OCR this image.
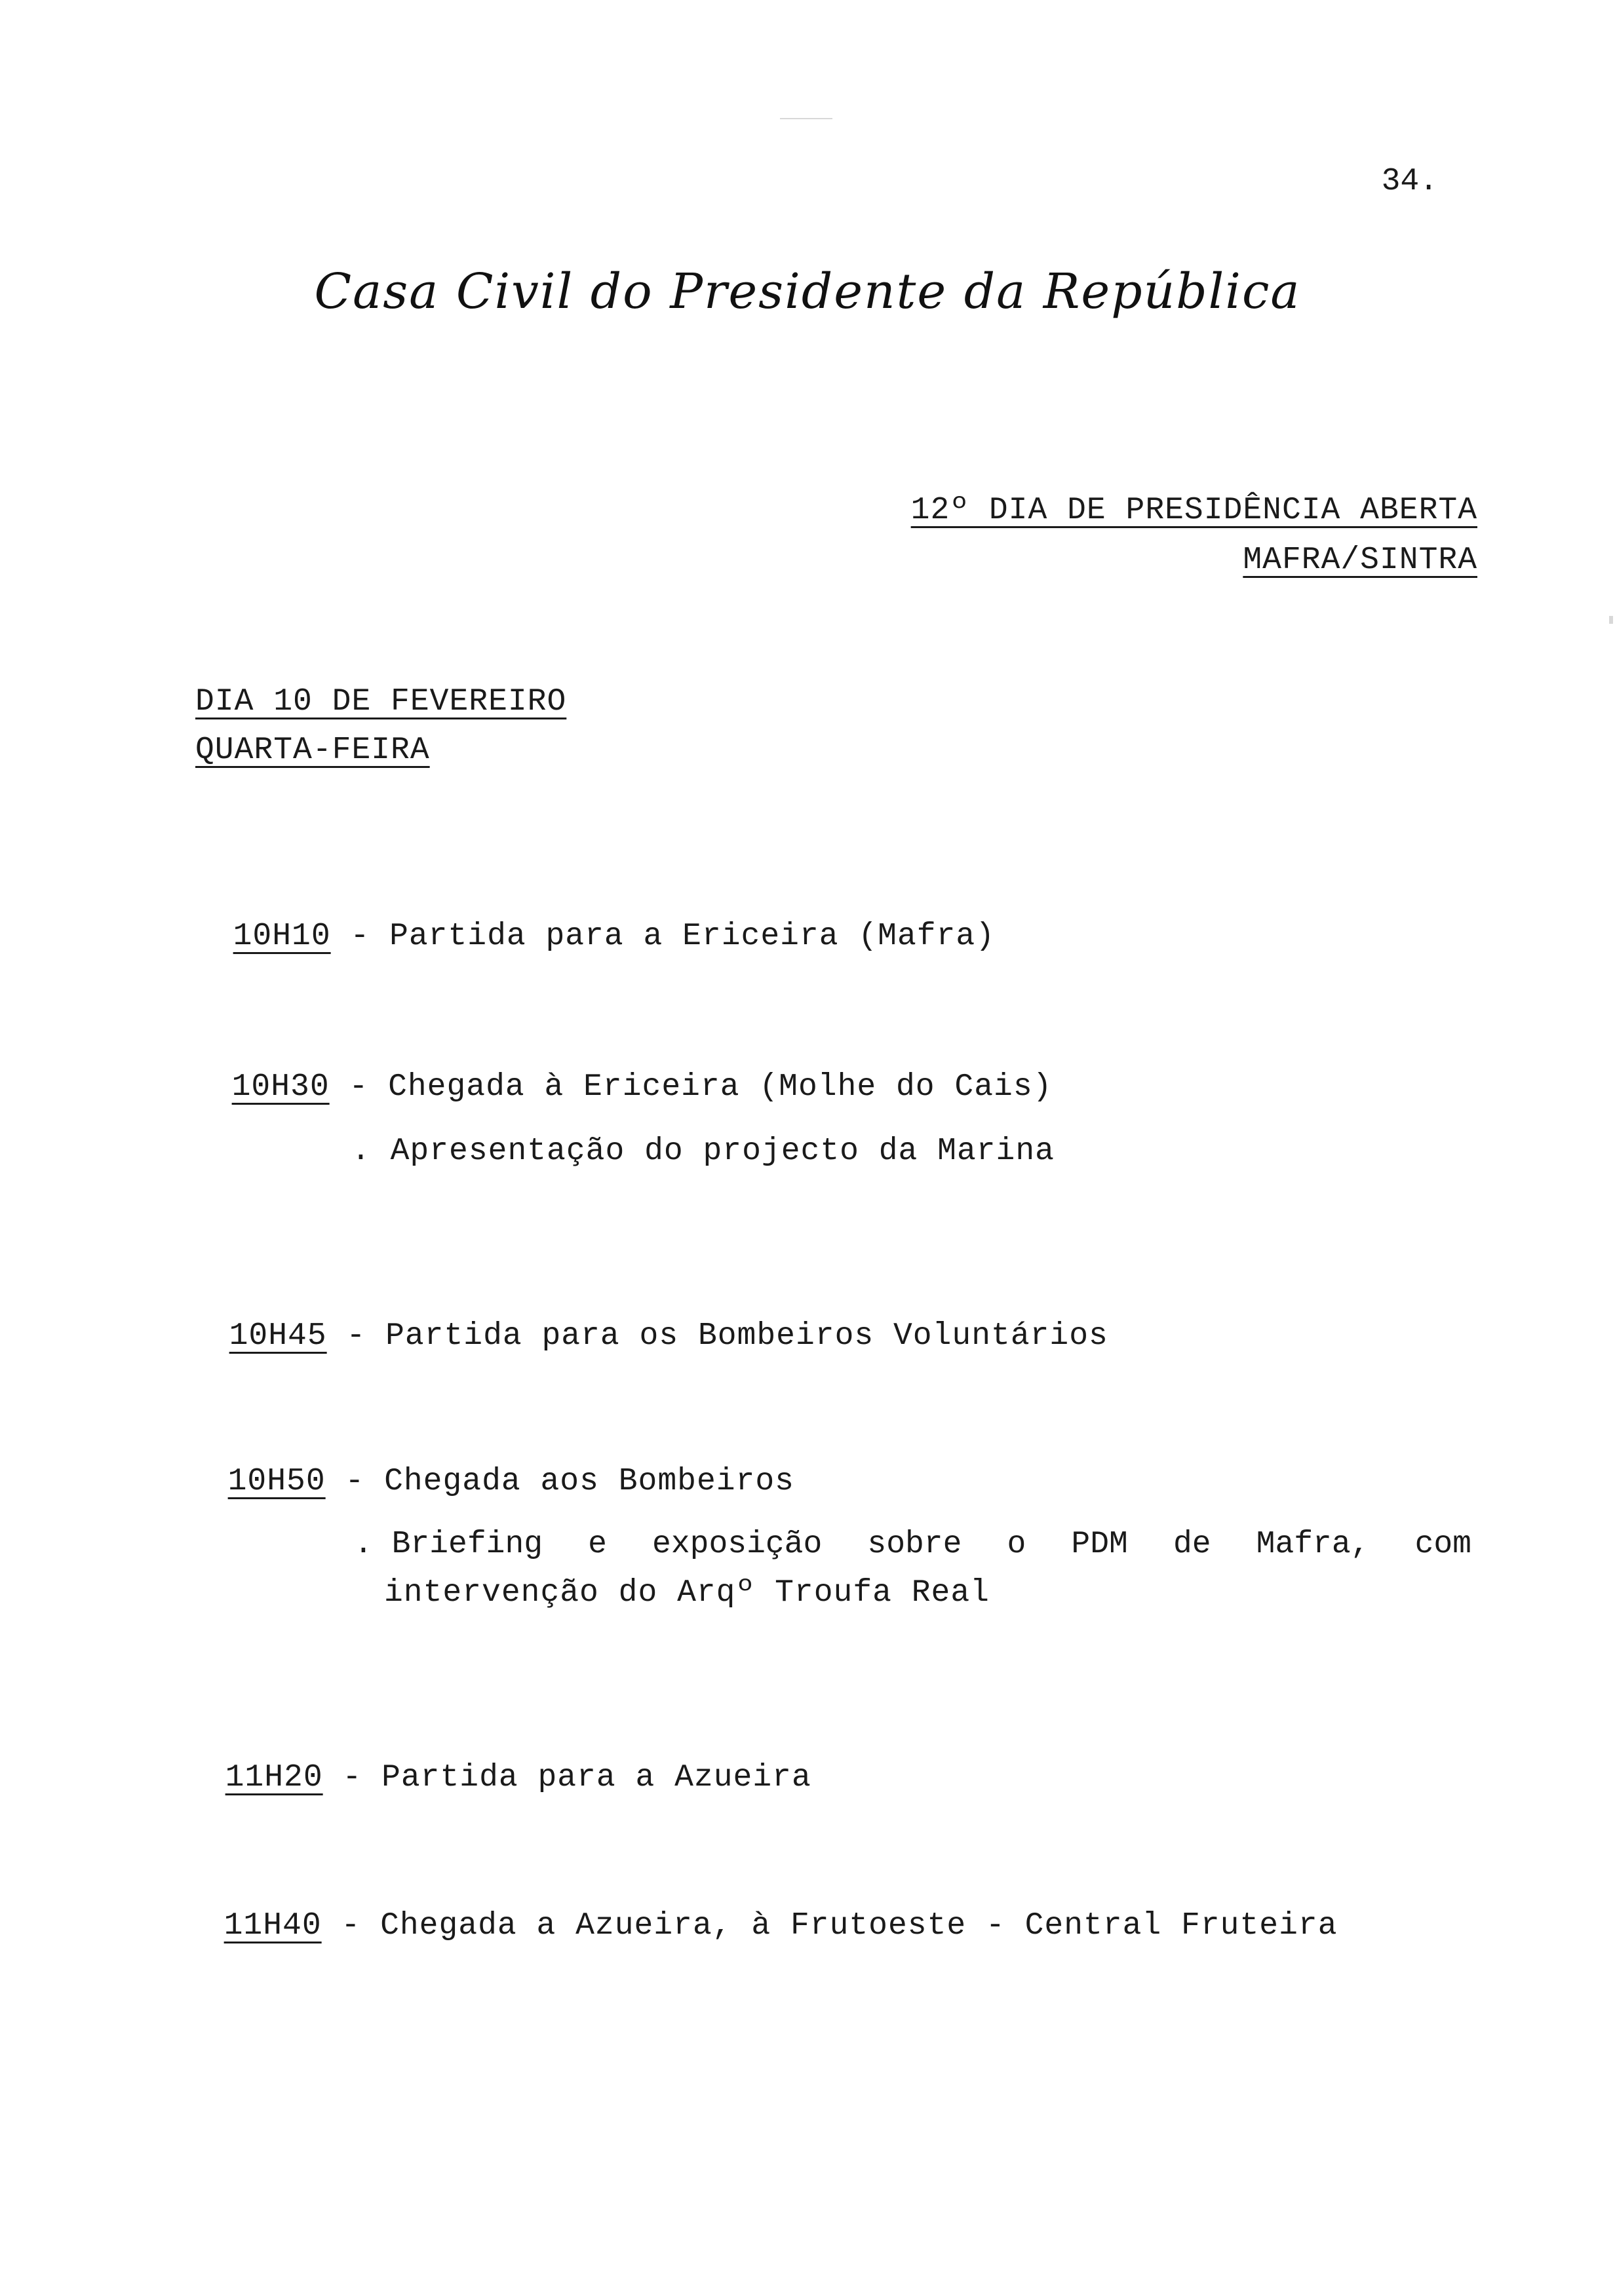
34.
Casa Civil do Presidente da República
12º DIA DE PRESIDÊNCIA ABERTA
MAFRA/SINTRA
DIA 10 DE FEVEREIRO
QUARTA-FEIRA

10H10 - Partida para a Ericeira (Mafra)

10H30 - Chegada à Ericeira (Molhe do Cais)

. Apresentação do projecto da Marina

10H45 - Partida para os Bombeiros Voluntários

10H50 - Chegada aos Bombeiros

. Briefing e exposição sobre o PDM de Mafra, com
intervenção do Arqº Troufa Real

11H20 - Partida para a Azueira

11H40 - Chegada a Azueira, à Frutoeste - Central Fruteira
